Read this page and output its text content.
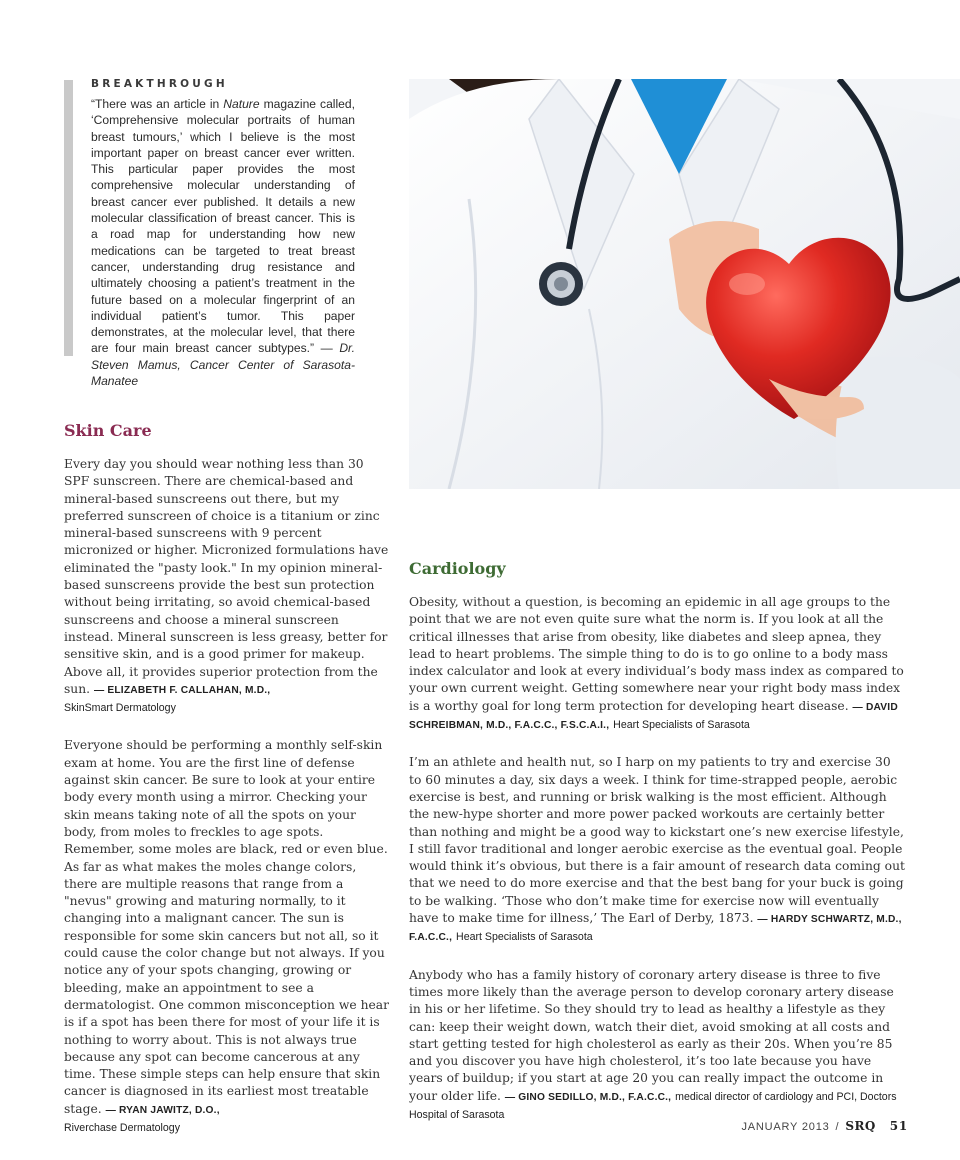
BREAKTHROUGH
“There was an article in Nature magazine called, ‘Comprehensive molecular portraits of human breast tumours,’ which I believe is the most important paper on breast cancer ever written. This particular paper provides the most comprehensive molecular understanding of breast cancer ever published. It details a new molecular classification of breast cancer. This is a road map for understanding how new medications can be targeted to treat breast cancer, understanding drug resistance and ultimately choosing a patient’s treatment in the future based on a molecular fingerprint of an individual patient’s tumor. This paper demonstrates, at the molecular level, that there are four main breast cancer subtypes.” — Dr. Steven Mamus, Cancer Center of Sarasota-Manatee
Skin Care

Every day you should wear nothing less than 30 SPF sunscreen. There are chemical-based and mineral-based sunscreens out there, but my preferred sunscreen of choice is a titanium or zinc mineral-based sunscreens with 9 percent micronized or higher. Micronized formulations have eliminated the "pasty look." In my opinion mineral-based sunscreens provide the best sun protection without being irritating, so avoid chemical-based sunscreens and choose a mineral sunscreen instead. Mineral sunscreen is less greasy, better for sensitive skin, and is a good primer for makeup. Above all, it provides superior protection from the sun. — ELIZABETH F. CALLAHAN, M.D.,
SkinSmart Dermatology

Everyone should be performing a monthly self-skin exam at home. You are the first line of defense against skin cancer. Be sure to look at your entire body every month using a mirror. Checking your skin means taking note of all the spots on your body, from moles to freckles to age spots. Remember, some moles are black, red or even blue. As far as what makes the moles change colors, there are multiple reasons that range from a "nevus" growing and maturing normally, to it changing into a malignant cancer. The sun is responsible for some skin cancers but not all, so it could cause the color change but not always. If you notice any of your spots changing, growing or bleeding, make an appointment to see a dermatologist. One common misconception we hear is if a spot has been there for most of your life it is nothing to worry about. This is not always true because any spot can become cancerous at any time. These simple steps can help ensure that skin cancer is diagnosed in its earliest most treatable stage. — RYAN JAWITZ, D.O.,
Riverchase Dermatology

Cardiology

Obesity, without a question, is becoming an epidemic in all age groups to the point that we are not even quite sure what the norm is. If you look at all the critical illnesses that arise from obesity, like diabetes and sleep apnea, they lead to heart problems. The simple thing to do is to go online to a body mass index calculator and look at every individual’s body mass index as compared to your own current weight. Getting somewhere near your right body mass index is a worthy goal for long term protection for developing heart disease. — DAVID SCHREIBMAN, M.D., F.A.C.C., F.S.C.A.I., Heart Specialists of Sarasota

I’m an athlete and health nut, so I harp on my patients to try and exercise 30 to 60 minutes a day, six days a week. I think for time-strapped people, aerobic exercise is best, and running or brisk walking is the most efficient. Although the new-hype shorter and more power packed workouts are certainly better than nothing and might be a good way to kickstart one’s new exercise lifestyle, I still favor traditional and longer aerobic exercise as the eventual goal. People would think it’s obvious, but there is a fair amount of research data coming out that we need to do more exercise and that the best bang for your buck is going to be walking. ‘Those who don’t make time for exercise now will eventually have to make time for illness,’ The Earl of Derby, 1873. — HARDY SCHWARTZ, M.D., F.A.C.C., Heart Specialists of Sarasota

Anybody who has a family history of coronary artery disease is three to five times more likely than the average person to develop coronary artery disease in his or her lifetime. So they should try to lead as healthy a lifestyle as they can: keep their weight down, watch their diet, avoid smoking at all costs and start getting tested for high cholesterol as early as their 20s. When you’re 85 and you discover you have high cholesterol, it’s too late because you have years of buildup; if you start at age 20 you can really impact the outcome in your older life. — GINO SEDILLO, M.D., F.A.C.C., medical director of cardiology and PCI, Doctors Hospital of Sarasota

JANUARY 2013 / SRQ 51
